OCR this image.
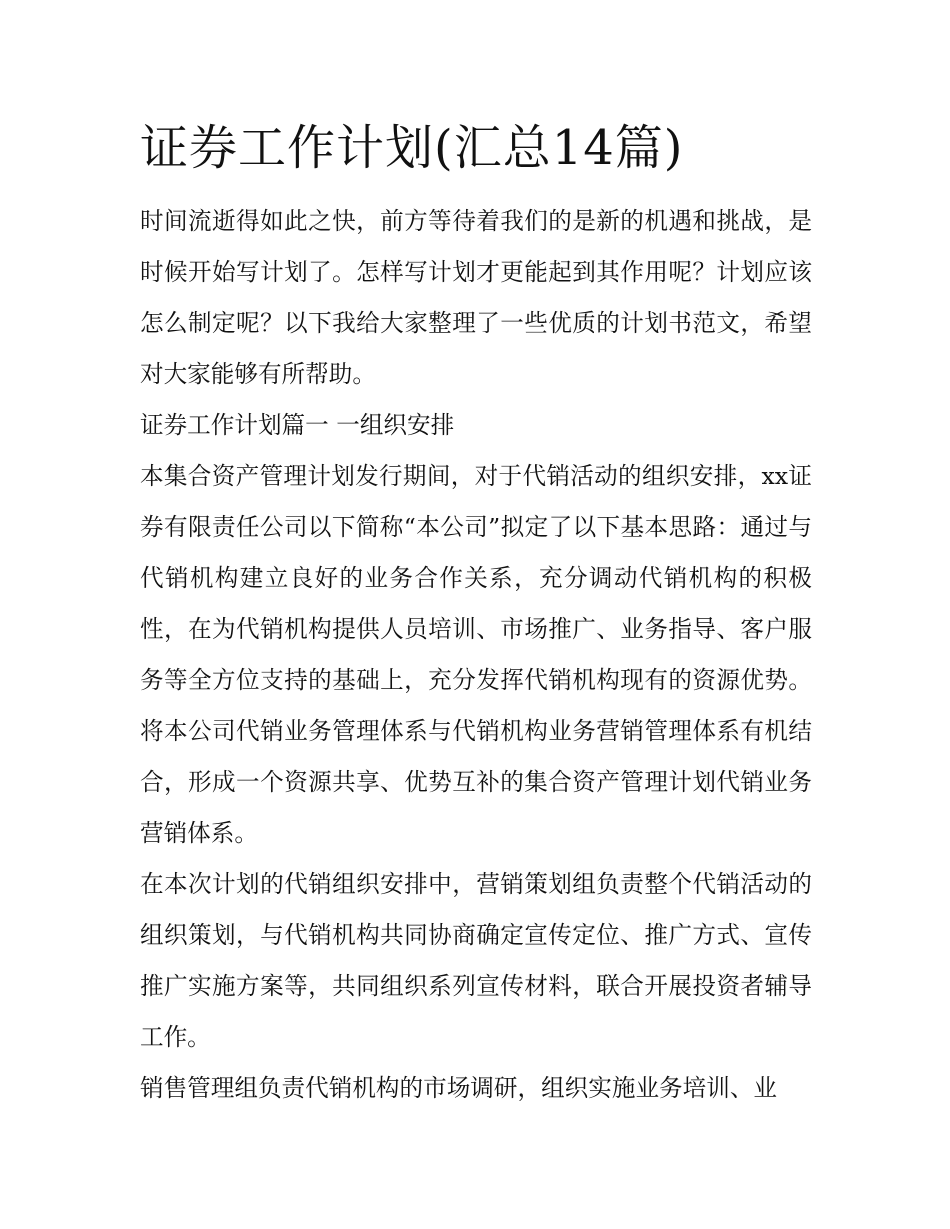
证券工作计划(汇总14篇)

时间流逝得如此之快，前方等待着我们的是新的机遇和挑战，是时候开始写计划了。怎样写计划才更能起到其作用呢？计划应该怎么制定呢？以下我给大家整理了一些优质的计划书范文，希望对大家能够有所帮助。

证券工作计划篇一 一组织安排

本集合资产管理计划发行期间，对于代销活动的组织安排，xx证券有限责任公司以下简称“本公司”拟定了以下基本思路：通过与代销机构建立良好的业务合作关系，充分调动代销机构的积极性，在为代销机构提供人员培训、市场推广、业务指导、客户服务等全方位支持的基础上，充分发挥代销机构现有的资源优势。将本公司代销业务管理体系与代销机构业务营销管理体系有机结合，形成一个资源共享、优势互补的集合资产管理计划代销业务营销体系。

在本次计划的代销组织安排中，营销策划组负责整个代销活动的组织策划，与代销机构共同协商确定宣传定位、推广方式、宣传推广实施方案等，共同组织系列宣传材料，联合开展投资者辅导工作。

销售管理组负责代销机构的市场调研，组织实施业务培训、业
